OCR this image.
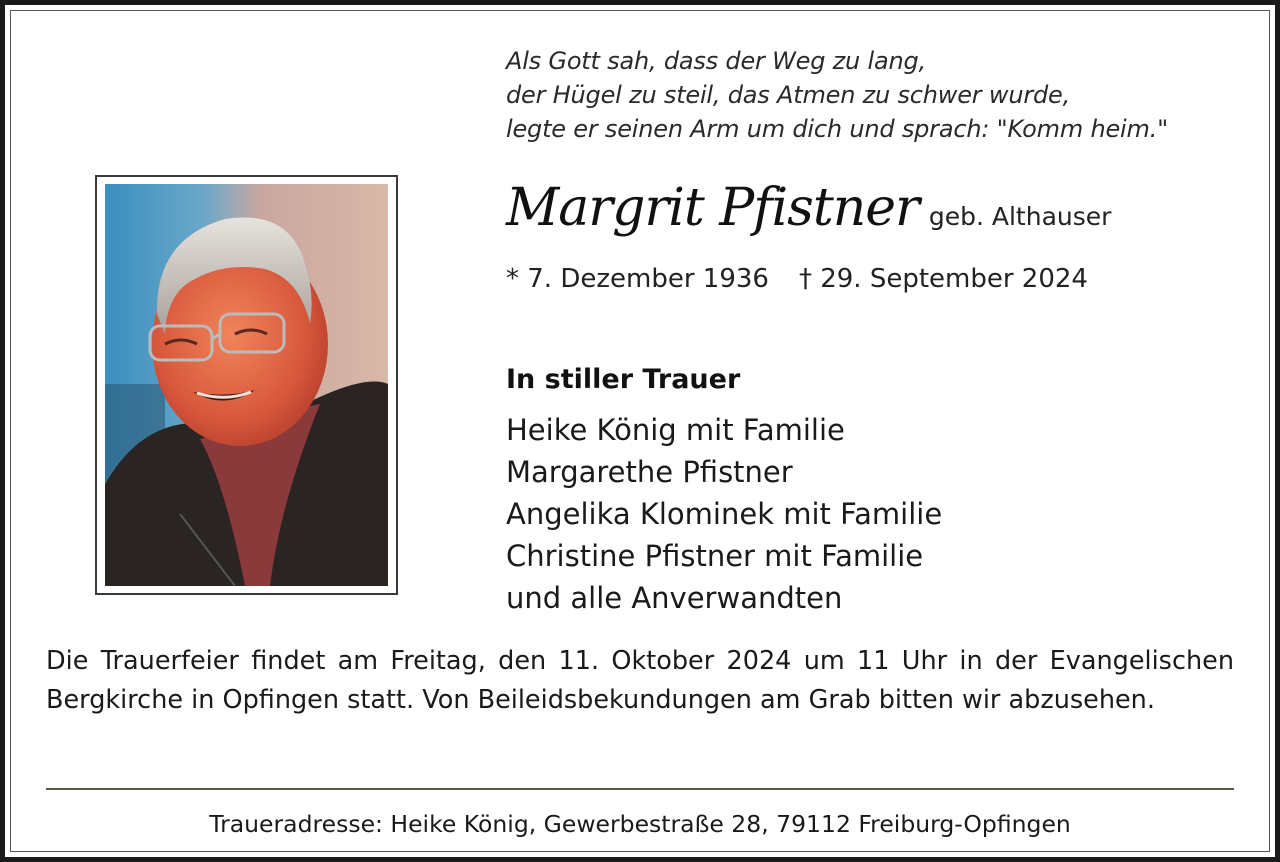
Als Gott sah, dass der Weg zu lang,
der Hügel zu steil, das Atmen zu schwer wurde,
legte er seinen Arm um dich und sprach: "Komm heim."
Margrit Pfistner geb. Althauser
* 7. Dezember 1936 † 29. September 2024
In stiller Trauer
Heike König mit Familie
Margarethe Pfistner
Angelika Klominek mit Familie
Christine Pfistner mit Familie
und alle Anverwandten
Die Trauerfeier findet am Freitag, den 11. Oktober 2024 um 11 Uhr in der Evangelischen Bergkirche in Opfingen statt. Von Beileidsbekundungen am Grab bitten wir abzusehen.
Traueradresse: Heike König, Gewerbestraße 28, 79112 Freiburg-Opfingen
